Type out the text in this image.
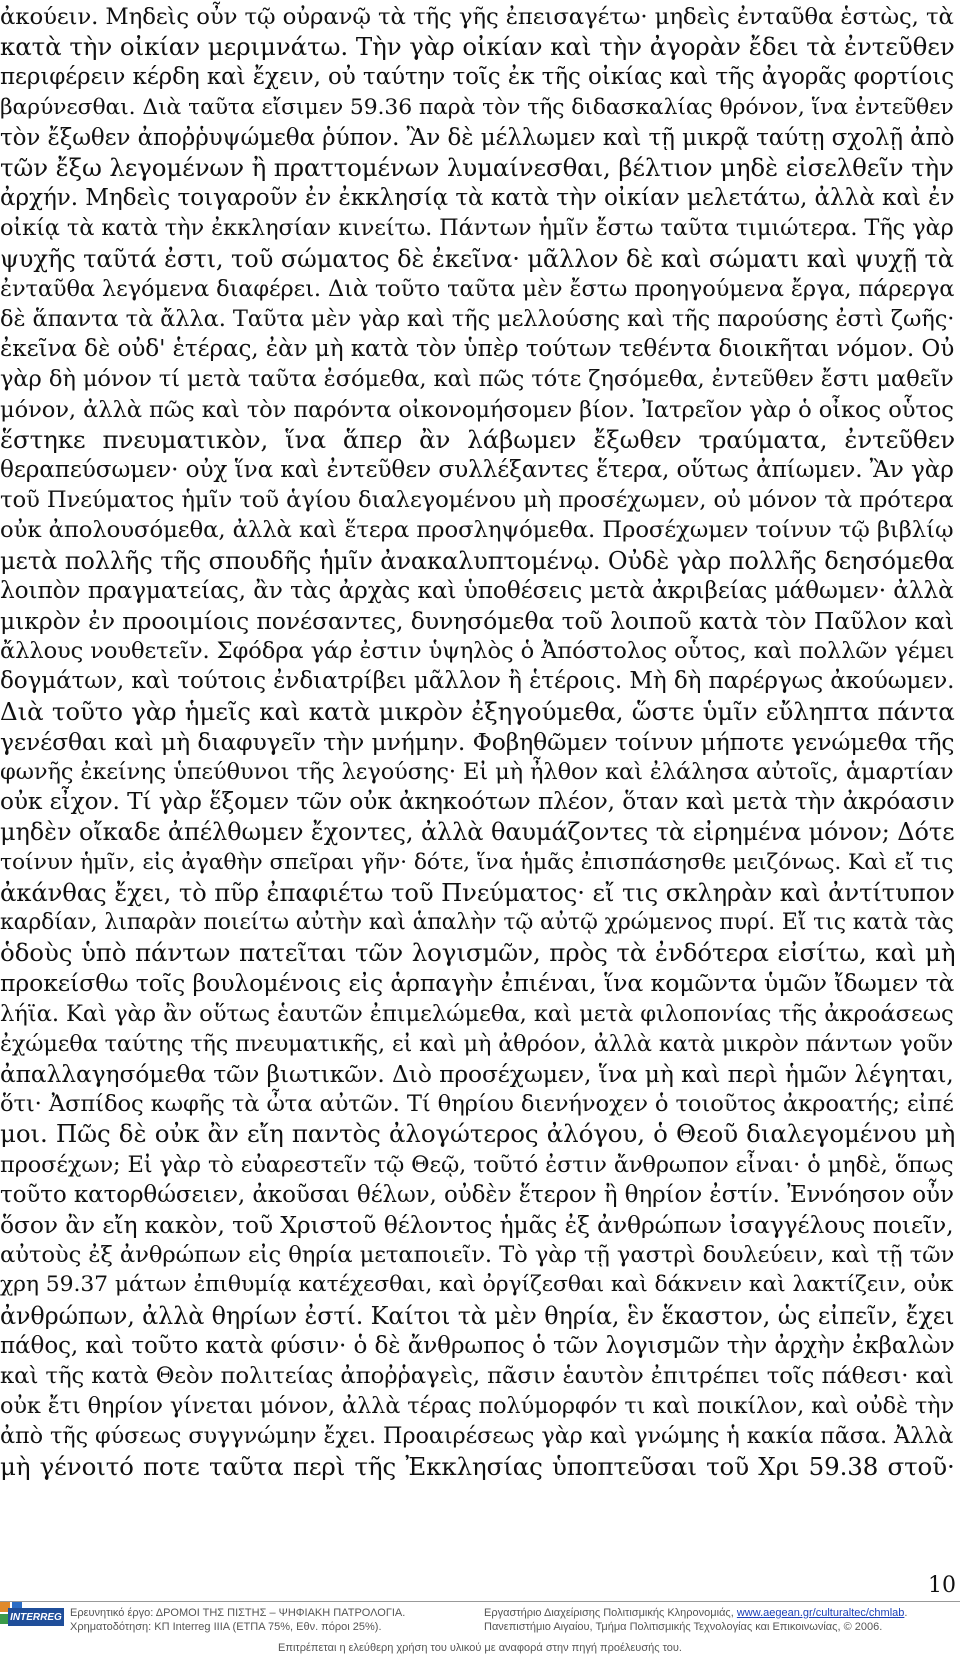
ἀκούειν. Μηδεὶς οὖν τῷ οὐρανῷ τὰ τῆς γῆς ἐπεισαγέτω· μηδεὶς ἐνταῦθα ἑστὼς, τὰ
κατὰ τὴν οἰκίαν μεριμνάτω. Τὴν γὰρ οἰκίαν καὶ τὴν ἀγορὰν ἔδει τὰ ἐντεῦθεν
περιφέρειν κέρδη καὶ ἔχειν, οὐ ταύτην τοῖς ἐκ τῆς οἰκίας καὶ τῆς ἀγορᾶς φορτίοις
βαρύνεσθαι. Διὰ ταῦτα εἴσιμεν 59.36 παρὰ τὸν τῆς διδασκαλίας θρόνον, ἵνα ἐντεῦθεν
τὸν ἔξωθεν ἀποῤῥυψώμεθα ῥύπον. Ἂν δὲ μέλλωμεν καὶ τῇ μικρᾷ ταύτῃ σχολῇ ἀπὸ
τῶν ἔξω λεγομένων ἢ πραττομένων λυμαίνεσθαι, βέλτιον μηδὲ εἰσελθεῖν τὴν
ἀρχήν. Μηδεὶς τοιγαροῦν ἐν ἐκκλησίᾳ τὰ κατὰ τὴν οἰκίαν μελετάτω, ἀλλὰ καὶ ἐν
οἰκίᾳ τὰ κατὰ τὴν ἐκκλησίαν κινείτω. Πάντων ἡμῖν ἔστω ταῦτα τιμιώτερα. Τῆς γὰρ
ψυχῆς ταῦτά ἐστι, τοῦ σώματος δὲ ἐκεῖνα· μᾶλλον δὲ καὶ σώματι καὶ ψυχῇ τὰ
ἐνταῦθα λεγόμενα διαφέρει. Διὰ τοῦτο ταῦτα μὲν ἔστω προηγούμενα ἔργα, πάρεργα
δὲ ἅπαντα τὰ ἄλλα. Ταῦτα μὲν γὰρ καὶ τῆς μελλούσης καὶ τῆς παρούσης ἐστὶ ζωῆς·
ἐκεῖνα δὲ οὐδ' ἑτέρας, ἐὰν μὴ κατὰ τὸν ὑπὲρ τούτων τεθέντα διοικῆται νόμον. Οὐ
γὰρ δὴ μόνον τί μετὰ ταῦτα ἐσόμεθα, καὶ πῶς τότε ζησόμεθα, ἐντεῦθεν ἔστι μαθεῖν
μόνον, ἀλλὰ πῶς καὶ τὸν παρόντα οἰκονομήσομεν βίον. Ἰατρεῖον γὰρ ὁ οἶκος οὗτος
ἕστηκε πνευματικὸν, ἵνα ἅπερ ἂν λάβωμεν ἔξωθεν τραύματα, ἐντεῦθεν
θεραπεύσωμεν· οὐχ ἵνα καὶ ἐντεῦθεν συλλέξαντες ἕτερα, οὕτως ἀπίωμεν. Ἂν γὰρ
τοῦ Πνεύματος ἡμῖν τοῦ ἁγίου διαλεγομένου μὴ προσέχωμεν, οὐ μόνον τὰ πρότερα
οὐκ ἀπολουσόμεθα, ἀλλὰ καὶ ἕτερα προσληψόμεθα. Προσέχωμεν τοίνυν τῷ βιβλίῳ
μετὰ πολλῆς τῆς σπουδῆς ἡμῖν ἀνακαλυπτομένῳ. Οὐδὲ γὰρ πολλῆς δεησόμεθα
λοιπὸν πραγματείας, ἂν τὰς ἀρχὰς καὶ ὑποθέσεις μετὰ ἀκριβείας μάθωμεν· ἀλλὰ
μικρὸν ἐν προοιμίοις πονέσαντες, δυνησόμεθα τοῦ λοιποῦ κατὰ τὸν Παῦλον καὶ
ἄλλους νουθετεῖν. Σφόδρα γάρ ἐστιν ὑψηλὸς ὁ Ἀπόστολος οὗτος, καὶ πολλῶν γέμει
δογμάτων, καὶ τούτοις ἐνδιατρίβει μᾶλλον ἢ ἑτέροις. Μὴ δὴ παρέργως ἀκούωμεν.
Διὰ τοῦτο γὰρ ἡμεῖς καὶ κατὰ μικρὸν ἐξηγούμεθα, ὥστε ὑμῖν εὔληπτα πάντα
γενέσθαι καὶ μὴ διαφυγεῖν τὴν μνήμην. Φοβηθῶμεν τοίνυν μήποτε γενώμεθα τῆς
φωνῆς ἐκείνης ὑπεύθυνοι τῆς λεγούσης· Εἰ μὴ ἦλθον καὶ ἐλάλησα αὐτοῖς, ἁμαρτίαν
οὐκ εἶχον. Τί γὰρ ἕξομεν τῶν οὐκ ἀκηκοότων πλέον, ὅταν καὶ μετὰ τὴν ἀκρόασιν
μηδὲν οἴκαδε ἀπέλθωμεν ἔχοντες, ἀλλὰ θαυμάζοντες τὰ εἰρημένα μόνον; Δότε
τοίνυν ἡμῖν, εἰς ἀγαθὴν σπεῖραι γῆν· δότε, ἵνα ἡμᾶς ἐπισπάσησθε μειζόνως. Καὶ εἴ τις
ἀκάνθας ἔχει, τὸ πῦρ ἐπαφιέτω τοῦ Πνεύματος· εἴ τις σκληρὰν καὶ ἀντίτυπον
καρδίαν, λιπαρὰν ποιείτω αὐτὴν καὶ ἁπαλὴν τῷ αὐτῷ χρώμενος πυρί. Εἴ τις κατὰ τὰς
ὁδοὺς ὑπὸ πάντων πατεῖται τῶν λογισμῶν, πρὸς τὰ ἐνδότερα εἰσίτω, καὶ μὴ
προκείσθω τοῖς βουλομένοις εἰς ἁρπαγὴν ἐπιέναι, ἵνα κομῶντα ὑμῶν ἴδωμεν τὰ
λήϊα. Καὶ γὰρ ἂν οὕτως ἑαυτῶν ἐπιμελώμεθα, καὶ μετὰ φιλοπονίας τῆς ἀκροάσεως
ἐχώμεθα ταύτης τῆς πνευματικῆς, εἰ καὶ μὴ ἀθρόον, ἀλλὰ κατὰ μικρὸν πάντων γοῦν
ἀπαλλαγησόμεθα τῶν βιωτικῶν. Διὸ προσέχωμεν, ἵνα μὴ καὶ περὶ ἡμῶν λέγηται,
ὅτι· Ἀσπίδος κωφῆς τὰ ὦτα αὐτῶν. Τί θηρίου διενήνοχεν ὁ τοιοῦτος ἀκροατής; εἰπέ
μοι. Πῶς δὲ οὐκ ἂν εἴη παντὸς ἀλογώτερος ἀλόγου, ὁ Θεοῦ διαλεγομένου μὴ
προσέχων; Εἰ γὰρ τὸ εὐαρεστεῖν τῷ Θεῷ, τοῦτό ἐστιν ἄνθρωπον εἶναι· ὁ μηδὲ, ὅπως
τοῦτο κατορθώσειεν, ἀκοῦσαι θέλων, οὐδὲν ἕτερον ἢ θηρίον ἐστίν. Ἐννόησον οὖν
ὅσον ἂν εἴη κακὸν, τοῦ Χριστοῦ θέλοντος ἡμᾶς ἐξ ἀνθρώπων ἰσαγγέλους ποιεῖν,
αὐτοὺς ἐξ ἀνθρώπων εἰς θηρία μεταποιεῖν. Τὸ γὰρ τῇ γαστρὶ δουλεύειν, καὶ τῇ τῶν
χρη 59.37 μάτων ἐπιθυμίᾳ κατέχεσθαι, καὶ ὀργίζεσθαι καὶ δάκνειν καὶ λακτίζειν, οὐκ
ἀνθρώπων, ἀλλὰ θηρίων ἐστί. Καίτοι τὰ μὲν θηρία, ἓν ἕκαστον, ὡς εἰπεῖν, ἔχει
πάθος, καὶ τοῦτο κατὰ φύσιν· ὁ δὲ ἄνθρωπος ὁ τῶν λογισμῶν τὴν ἀρχὴν ἐκβαλὼν
καὶ τῆς κατὰ Θεὸν πολιτείας ἀποῤῥαγεὶς, πᾶσιν ἑαυτὸν ἐπιτρέπει τοῖς πάθεσι· καὶ
οὐκ ἔτι θηρίον γίνεται μόνον, ἀλλὰ τέρας πολύμορφόν τι καὶ ποικίλον, καὶ οὐδὲ τὴν
ἀπὸ τῆς φύσεως συγγνώμην ἔχει. Προαιρέσεως γὰρ καὶ γνώμης ἡ κακία πᾶσα. Ἀλλὰ
μὴ γένοιτό ποτε ταῦτα περὶ τῆς Ἐκκλησίας ὑποπτεῦσαι τοῦ Χρι 59.38 στοῦ·
10
INTERREG Ερευνητικό έργο: ΔΡΟΜΟΙ ΤΗΣ ΠΙΣΤΗΣ – ΨΗΦΙΑΚΗ ΠΑΤΡΟΛΟΓΙΑ.
Χρηματοδότηση: ΚΠ Interreg IIIA (ΕΤΠΑ 75%, Εθν. πόροι 25%).
Εργαστήριο Διαχείρισης Πολιτισμικής Κληρονομιάς, www.aegean.gr/culturaltec/chmlab.
Πανεπιστήμιο Αιγαίου, Τμήμα Πολιτισμικής Τεχνολογίας και Επικοινωνίας, © 2006.
Επιτρέπεται η ελεύθερη χρήση του υλικού με αναφορά στην πηγή προέλευσής του.
